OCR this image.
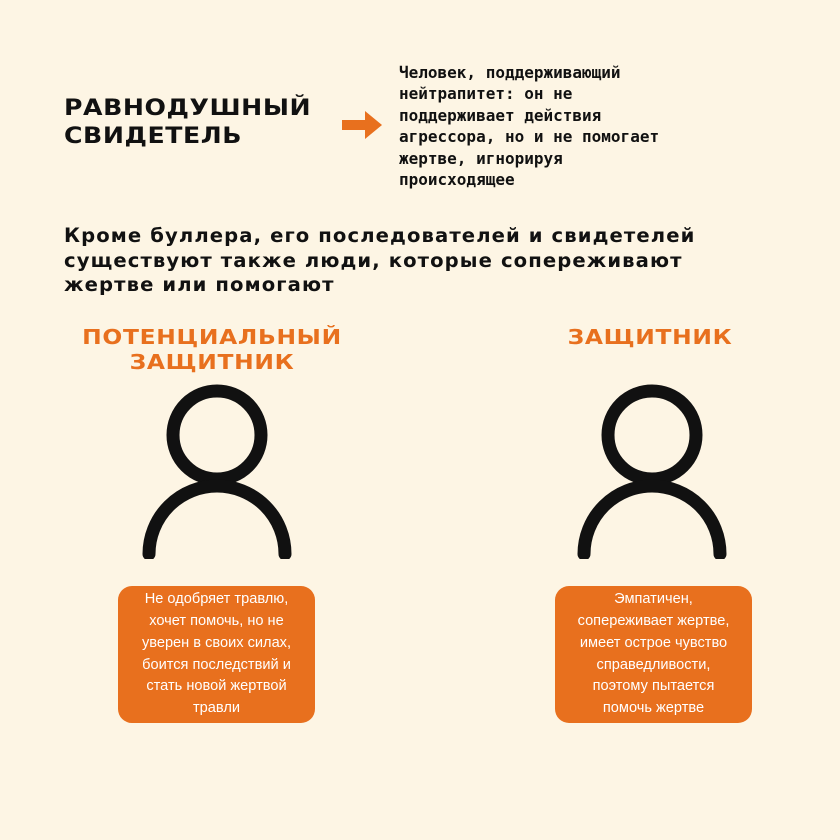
РАВНОДУШНЫЙ
СВИДЕТЕЛЬ
Человек, поддерживающий
нейтрапитет: он не
поддерживает действия
агрессора, но и не помогает
жертве, игнорируя
происходящее
Кроме буллера, его последователей и свидетелей
существуют также люди, которые сопереживают
жертве или помогают
ПОТЕНЦИАЛЬНЫЙ
ЗАЩИТНИК
Не одобряет травлю,
хочет помочь, но не
уверен в своих силах,
боится последствий и
стать новой жертвой
травли
ЗАЩИТНИК
Эмпатичен,
сопереживает жертве,
имеет острое чувство
справедливости,
поэтому пытается
помочь жертве
